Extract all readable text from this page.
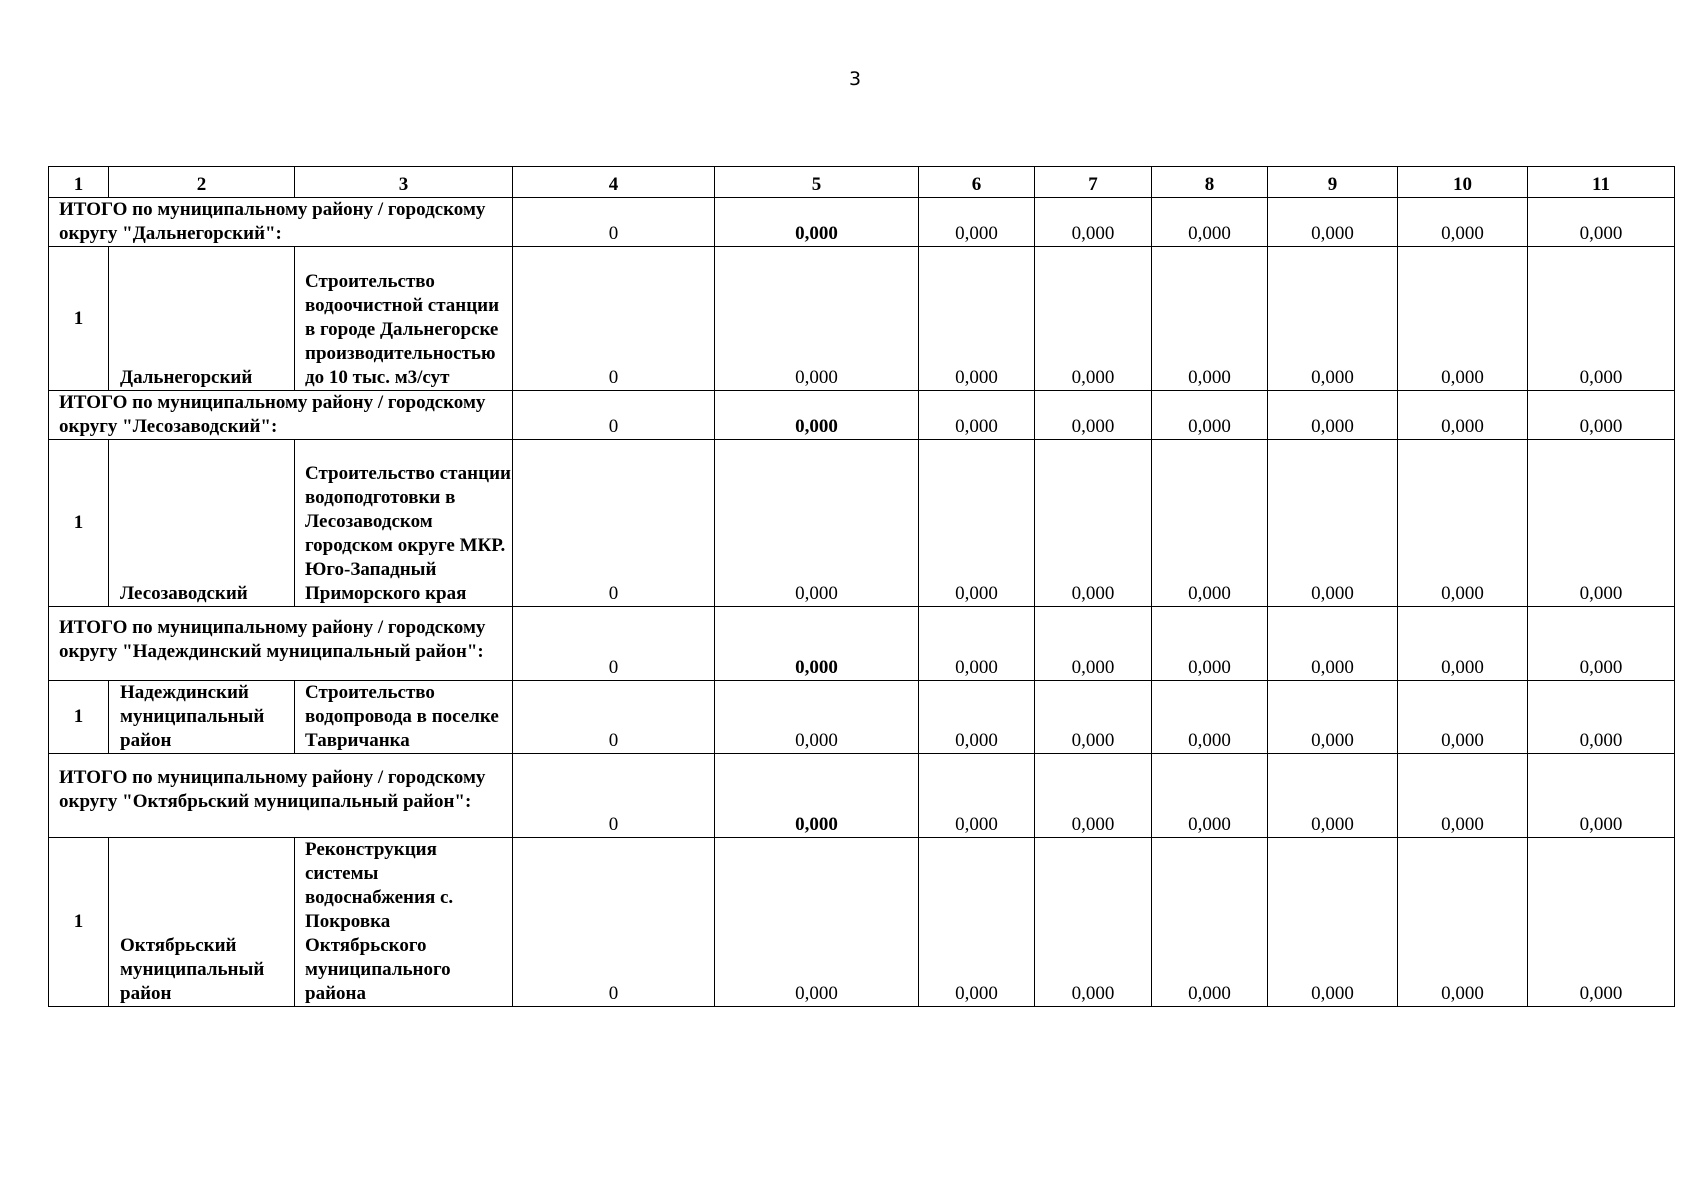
3
1	2	3	4	5	6	7	8	9	10	11
ИТОГО по муниципальному району / городскому округу "Дальнегорский":			0	0,000	0,000	0,000	0,000	0,000	0,000	0,000
1	Дальнегорский	Строительство водоочистной станции в городе Дальнегорске производительностью до 10 тыс. м3/сут	0	0,000	0,000	0,000	0,000	0,000	0,000	0,000
ИТОГО по муниципальному району / городскому округу "Лесозаводский":			0	0,000	0,000	0,000	0,000	0,000	0,000	0,000
1	Лесозаводский	Строительство станции водоподготовки в Лесозаводском городском округе МКР. Юго-Западный Приморского края	0	0,000	0,000	0,000	0,000	0,000	0,000	0,000
ИТОГО по муниципальному району / городскому округу "Надеждинский муниципальный район":			0	0,000	0,000	0,000	0,000	0,000	0,000	0,000
1	Надеждинский муниципальный район	Строительство водопровода в поселке Тавричанка	0	0,000	0,000	0,000	0,000	0,000	0,000	0,000
ИТОГО по муниципальному району / городскому округу "Октябрьский муниципальный район":			0	0,000	0,000	0,000	0,000	0,000	0,000	0,000
1	Октябрьский муниципальный район	Реконструкция системы водоснабжения с. Покровка Октябрьского муниципального района	0	0,000	0,000	0,000	0,000	0,000	0,000	0,000
